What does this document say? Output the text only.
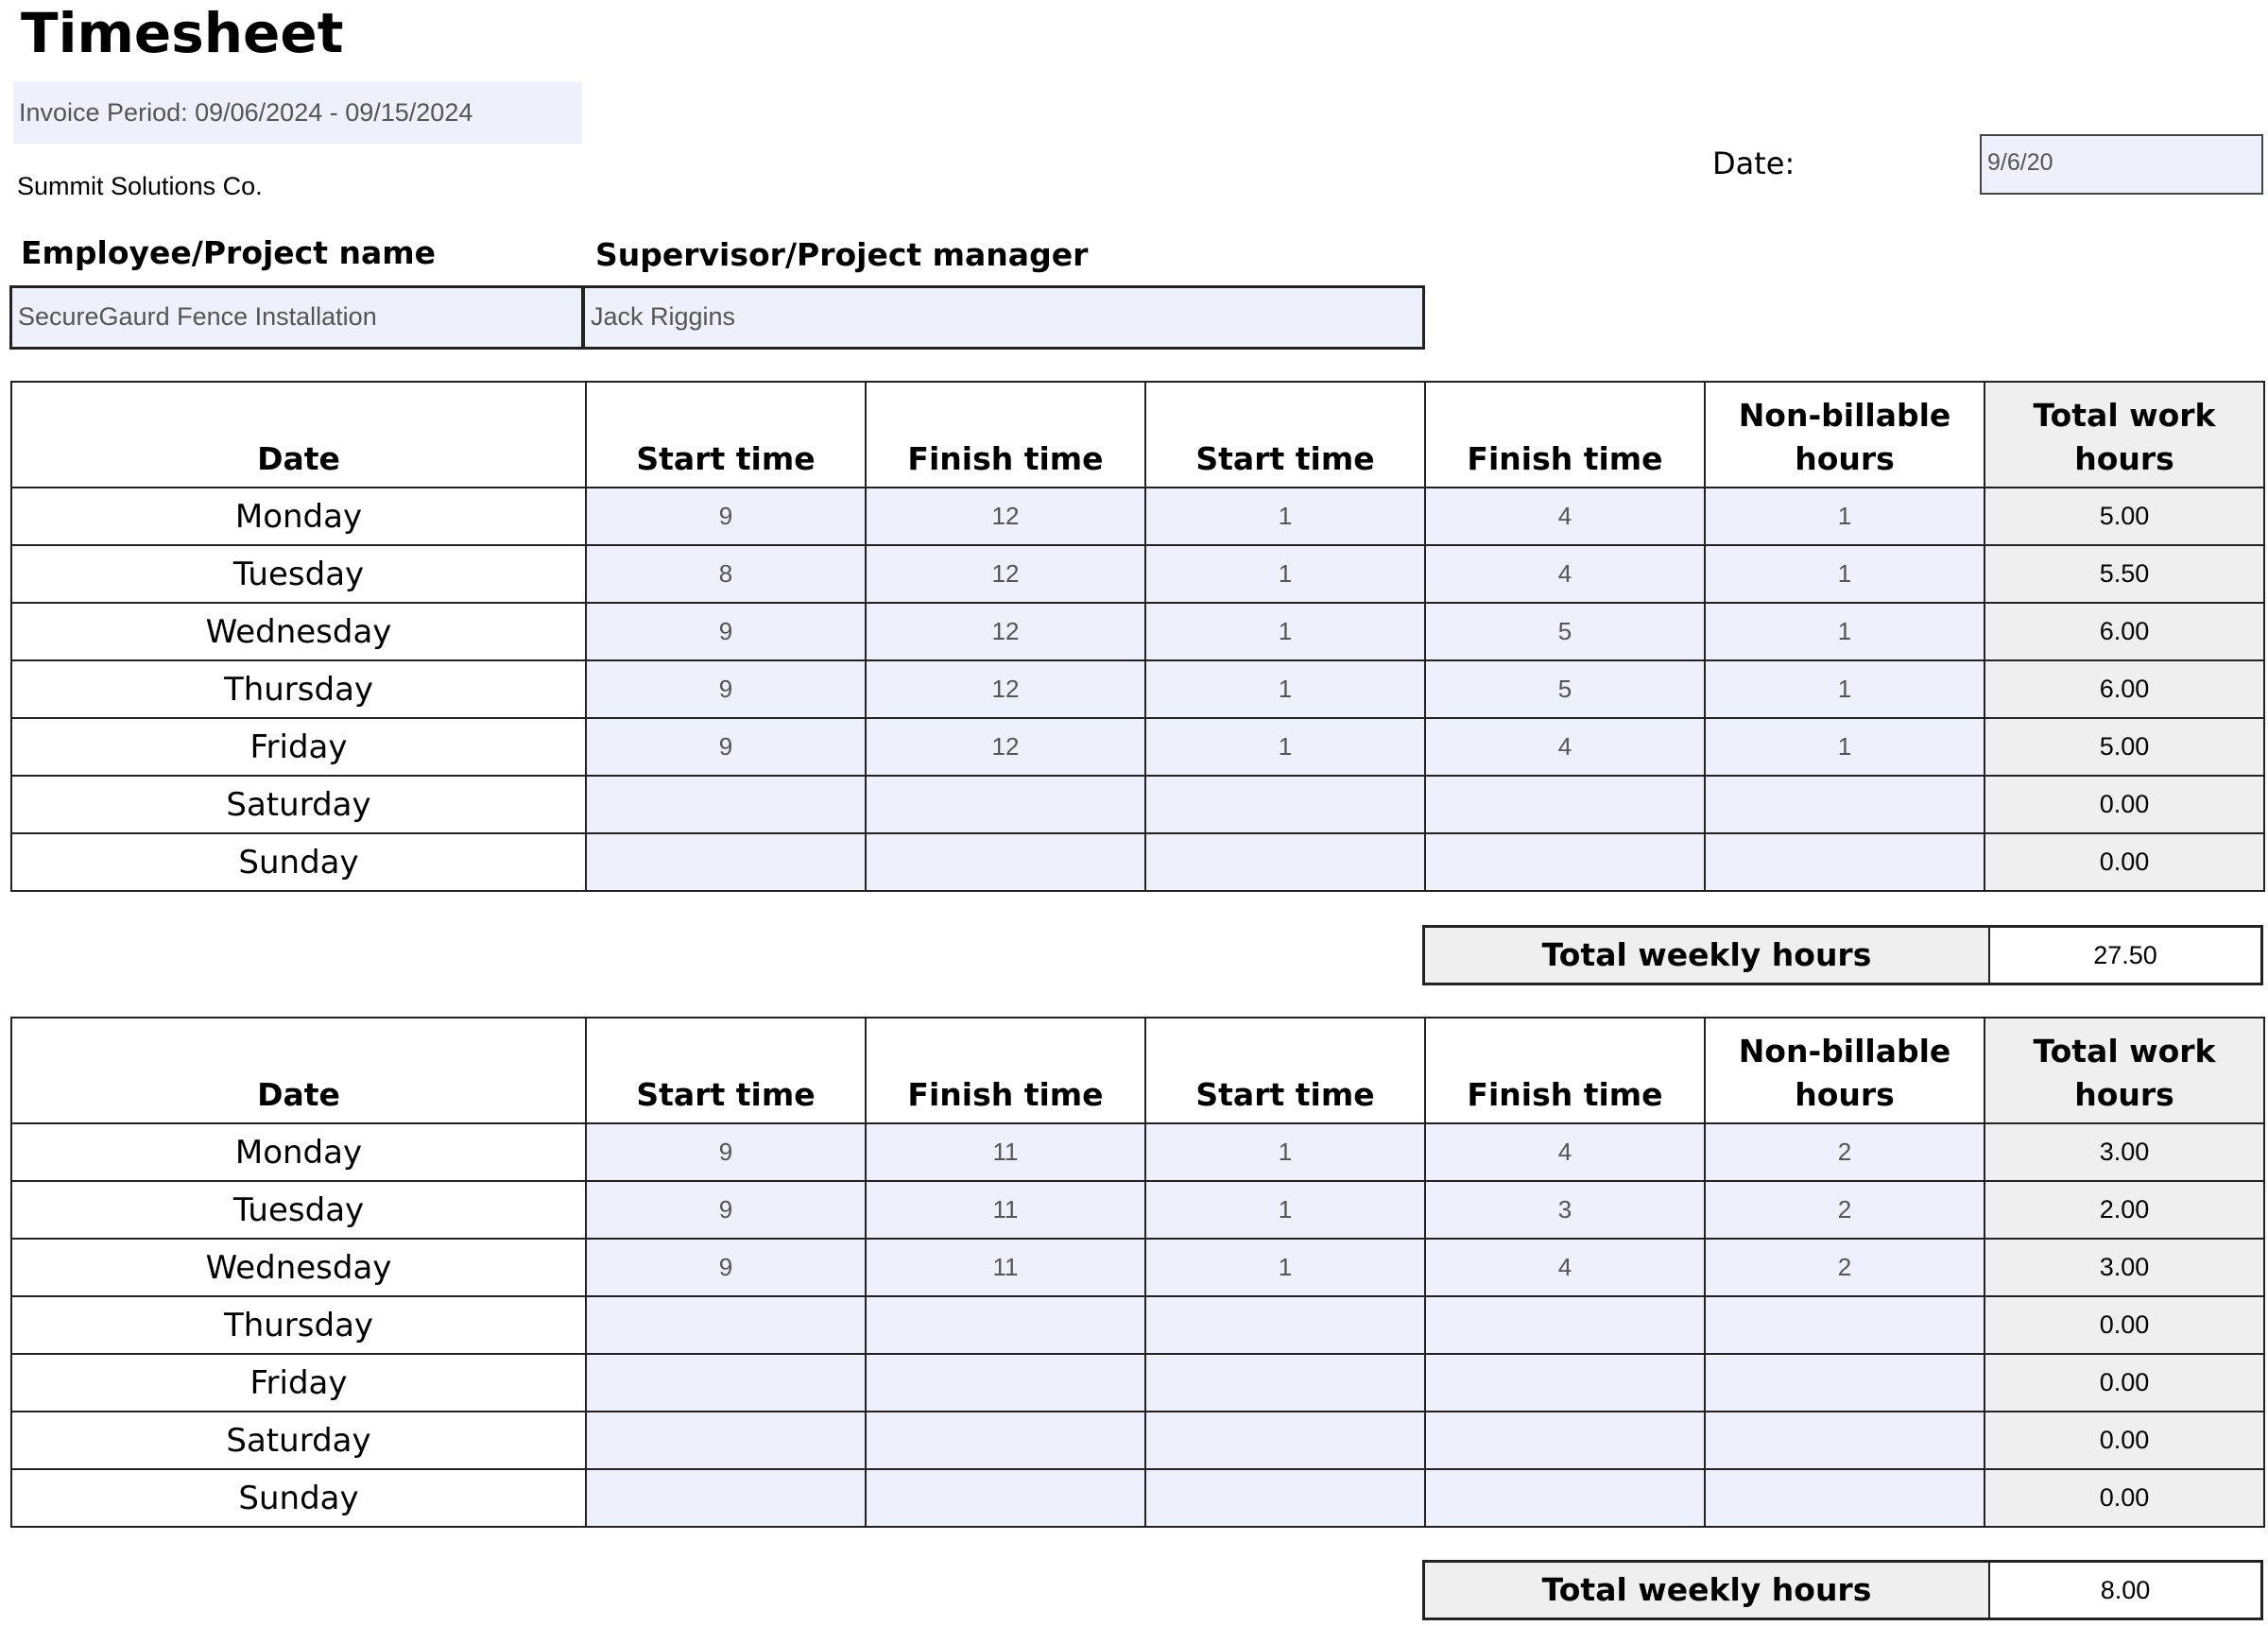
Timesheet
Invoice Period: 09/06/2024 - 09/15/2024
Summit Solutions Co.
Date:	9/6/20
Employee/Project name	Supervisor/Project manager
SecureGaurd Fence Installation	Jack Riggins
Date	Start time	Finish time	Start time	Finish time	Non-billable hours	Total work hours
Monday	9	12	1	4	1	5.00
Tuesday	8	12	1	4	1	5.50
Wednesday	9	12	1	5	1	6.00
Thursday	9	12	1	5	1	6.00
Friday	9	12	1	4	1	5.00
Saturday						0.00
Sunday						0.00
Total weekly hours	27.50
Date	Start time	Finish time	Start time	Finish time	Non-billable hours	Total work hours
Monday	9	11	1	4	2	3.00
Tuesday	9	11	1	3	2	2.00
Wednesday	9	11	1	4	2	3.00
Thursday						0.00
Friday						0.00
Saturday						0.00
Sunday						0.00
Total weekly hours	8.00
